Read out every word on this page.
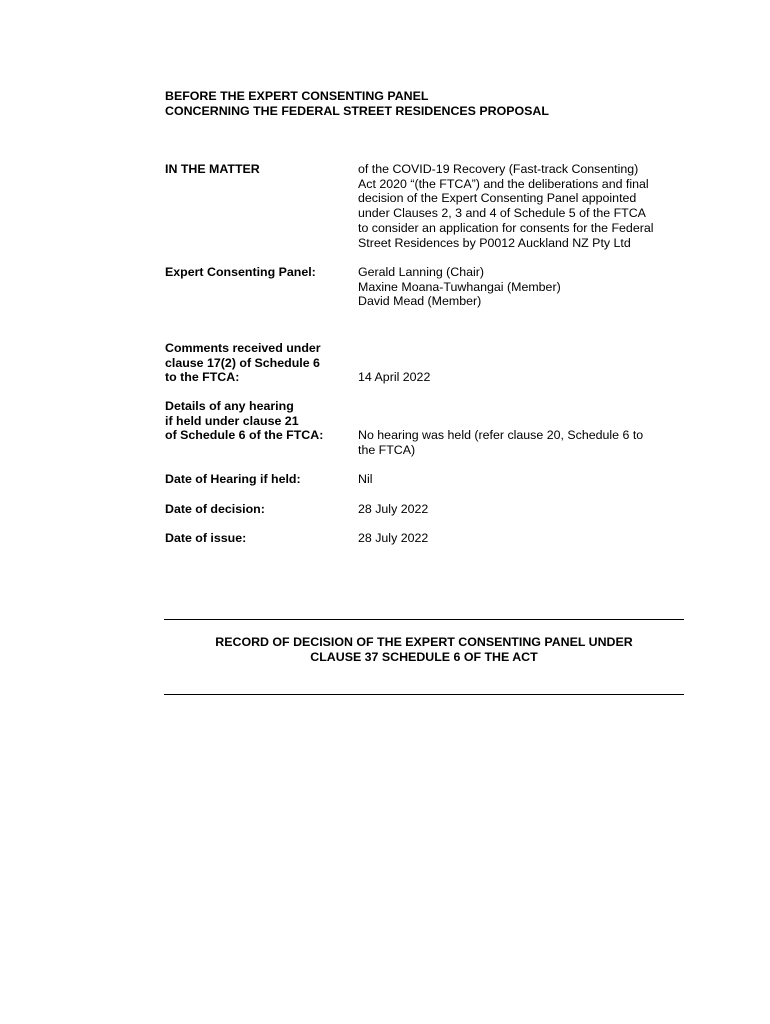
BEFORE THE EXPERT CONSENTING PANEL
CONCERNING THE FEDERAL STREET RESIDENCES PROPOSAL
IN THE MATTER	of the COVID-19 Recovery (Fast-track Consenting)
Act 2020 “(the FTCA”) and the deliberations and final
decision of the Expert Consenting Panel appointed
under Clauses 2, 3 and 4 of Schedule 5 of the FTCA
to consider an application for consents for the Federal
Street Residences by P0012 Auckland NZ Pty Ltd
Expert Consenting Panel:	Gerald Lanning (Chair)
Maxine Moana-Tuwhangai (Member)
David Mead (Member)
Comments received under
clause 17(2) of Schedule 6
to the FTCA:	14 April 2022
Details of any hearing
if held under clause 21
of Schedule 6 of the FTCA:	No hearing was held (refer clause 20, Schedule 6 to
the FTCA)
Date of Hearing if held:	Nil
Date of decision:	28 July 2022
Date of issue:	28 July 2022
RECORD OF DECISION OF THE EXPERT CONSENTING PANEL UNDER
CLAUSE 37 SCHEDULE 6 OF THE ACT
